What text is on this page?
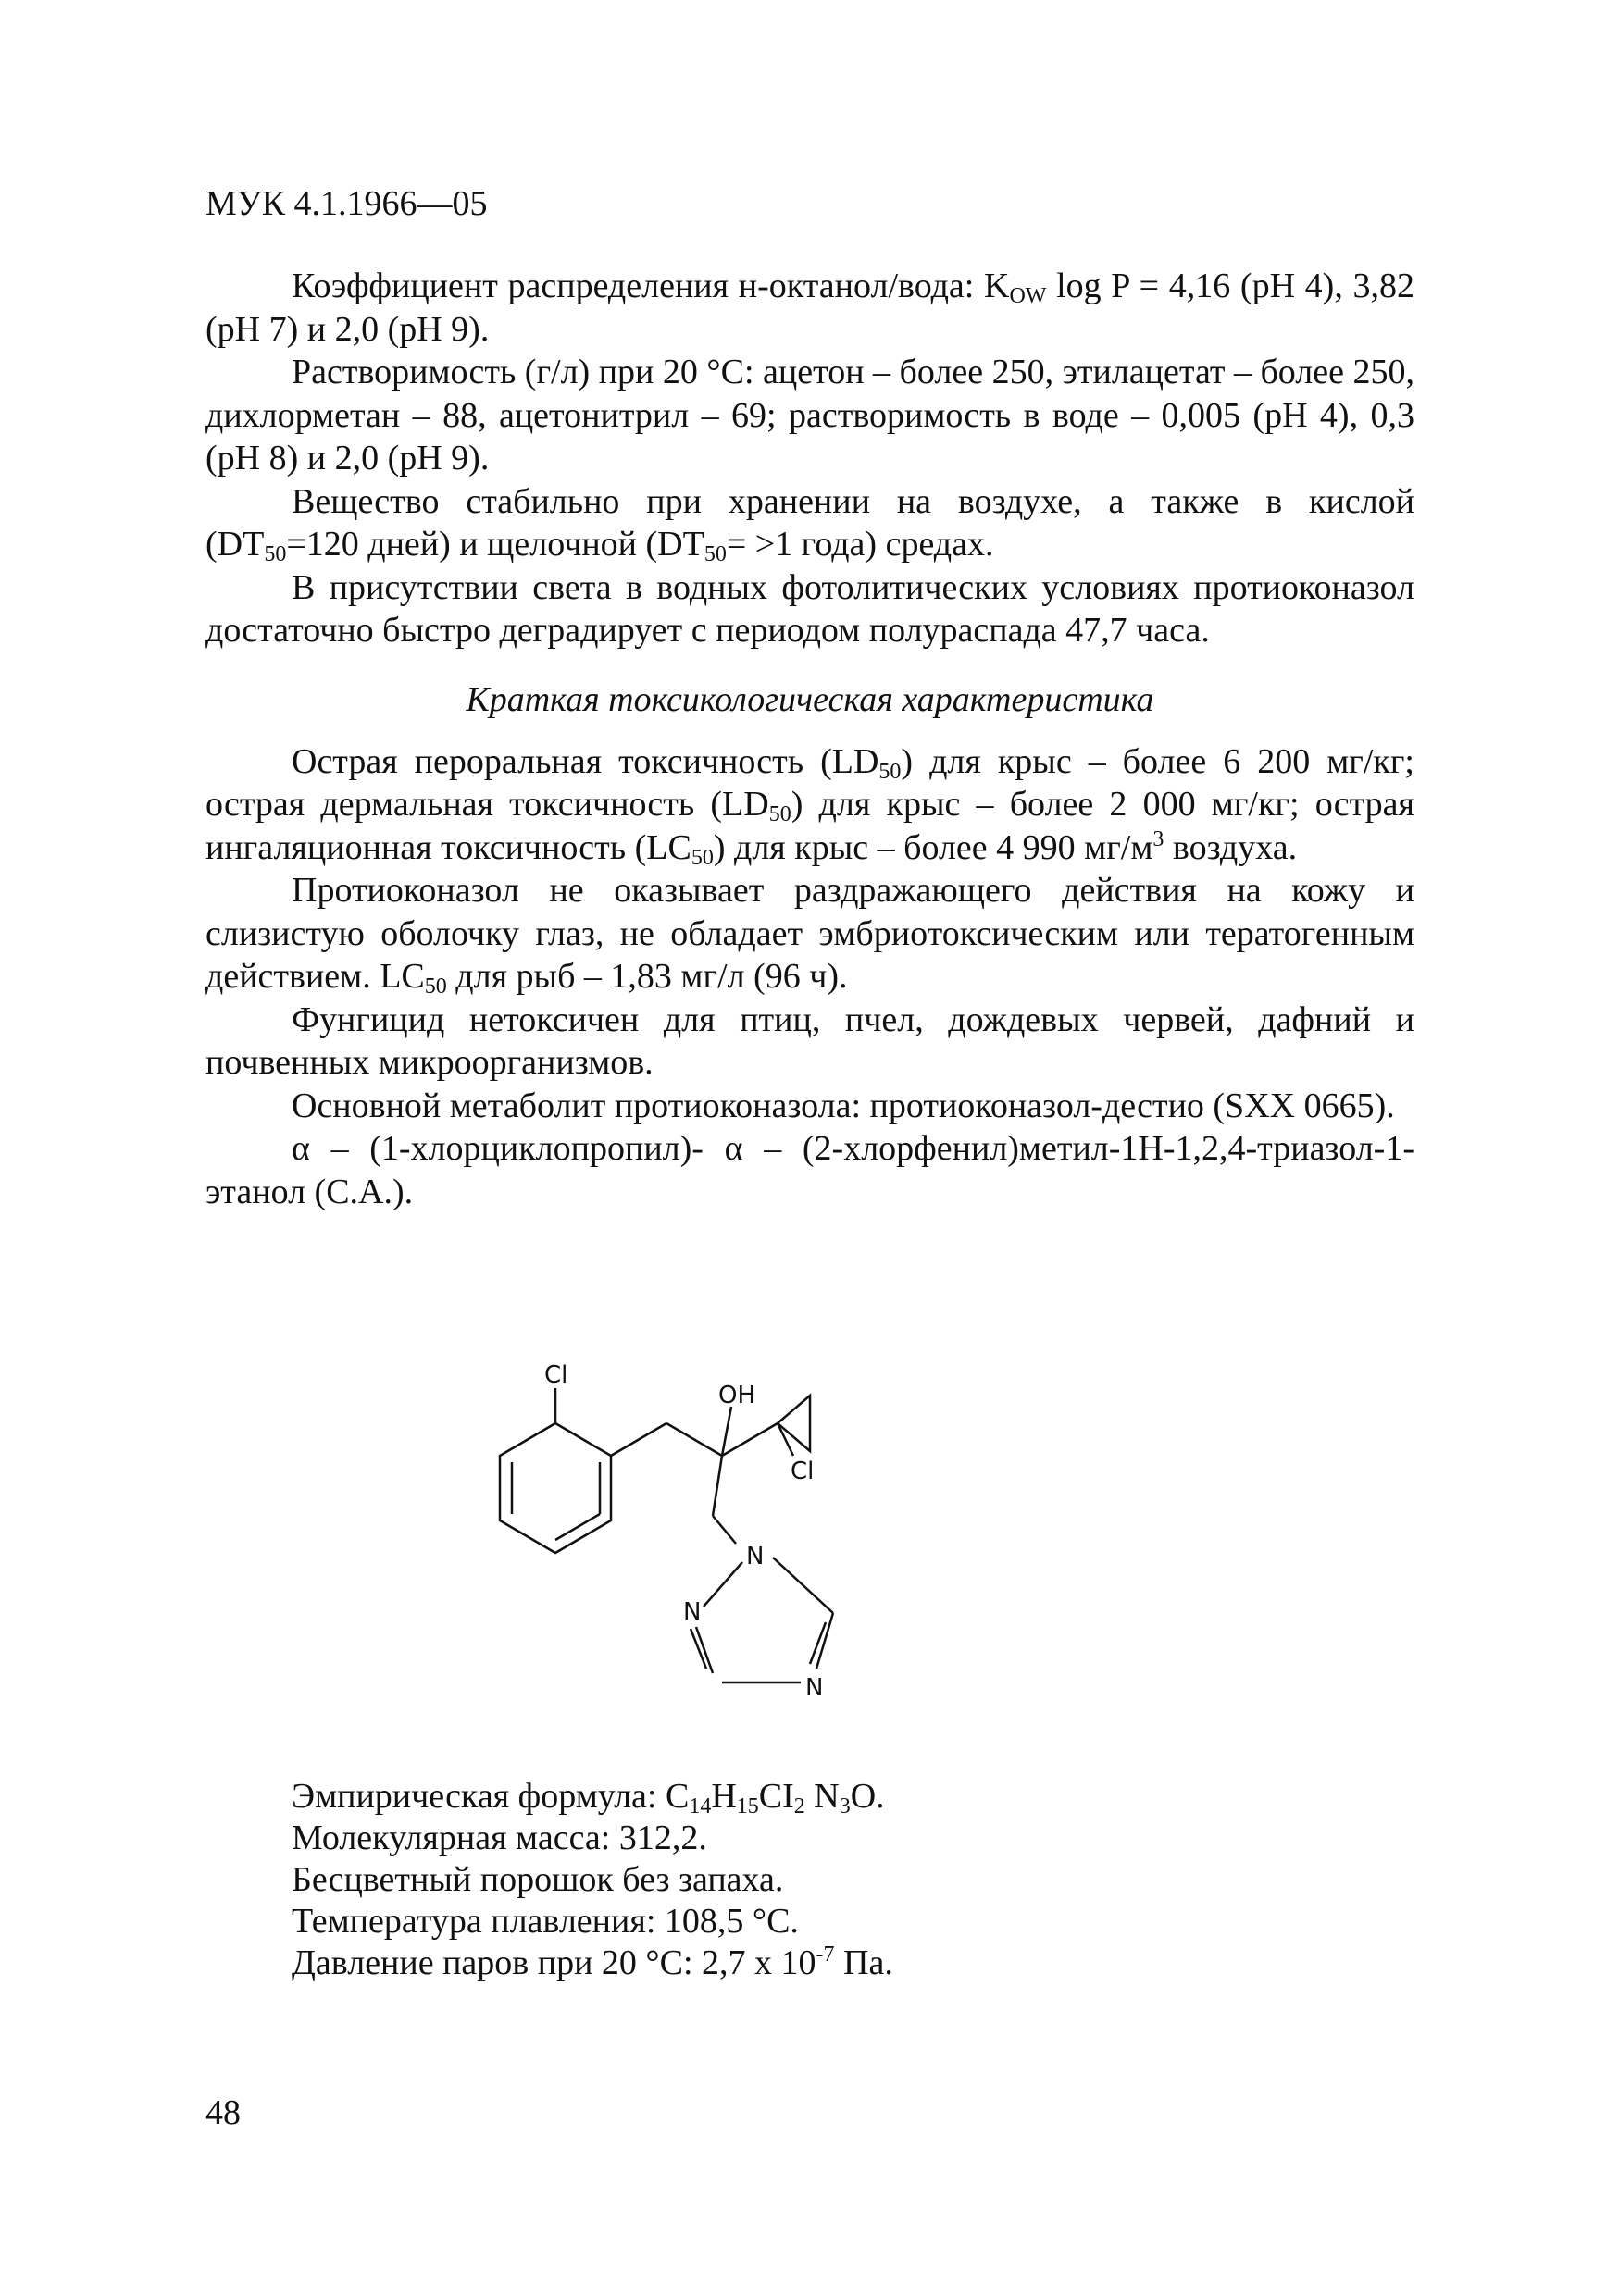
МУК 4.1.1966—05

Коэффициент распределения н-октанол/вода: $K_{OW}$ log P = 4,16 (pH 4), 3,82 (pH 7) и 2,0 (pH 9).

Растворимость (г/л) при 20 °С: ацетон – более 250, этилацетат – более 250, дихлорметан – 88, ацетонитрил – 69; растворимость в воде – 0,005 (pH 4), 0,3 (pH 8) и 2,0 (pH 9).

Вещество стабильно при хранении на воздухе, а также в кислой ($DT_{50}=120$ дней) и щелочной ($DT_{50}= >1$ года) средах.

В присутствии света в водных фотолитических условиях протиоконазол достаточно быстро деградирует с периодом полураспада 47,7 часа.

Краткая токсикологическая характеристика

Острая пероральная токсичность $(LD_{50})$ для крыс – более 6 200 мг/кг; острая дермальная токсичность $(LD_{50})$ для крыс – более 2 000 мг/кг; острая ингаляционная токсичность $(LC_{50})$ для крыс – более 4 990 $мг/м^3$ воздуха.

Протиоконазол не оказывает раздражающего действия на кожу и слизистую оболочку глаз, не обладает эмбриотоксическим или тератогенным действием. $LC_{50}$ для рыб – 1,83 мг/л (96 ч).

Фунгицид нетоксичен для птиц, пчел, дождевых червей, дафний и почвенных микроорганизмов.

Основной метаболит протиоконазола: протиоконазол-дестио (SXX 0665).

α – (1-хлорциклопропил)- α – (2-хлорфенил)метил-1H-1,2,4-триазол-1-этанол (С.А.).

Cl
OH
Cl
N
N
N
Эмпирическая формула: $C_{14}H_{15}CI_2$ $N_3O$.
Молекулярная масса: 312,2.
Бесцветный порошок без запаха.
Температура плавления: 108,5 °С.
Давление паров при 20 °С: 2,7 x $10^{-7}$ Па.
48
